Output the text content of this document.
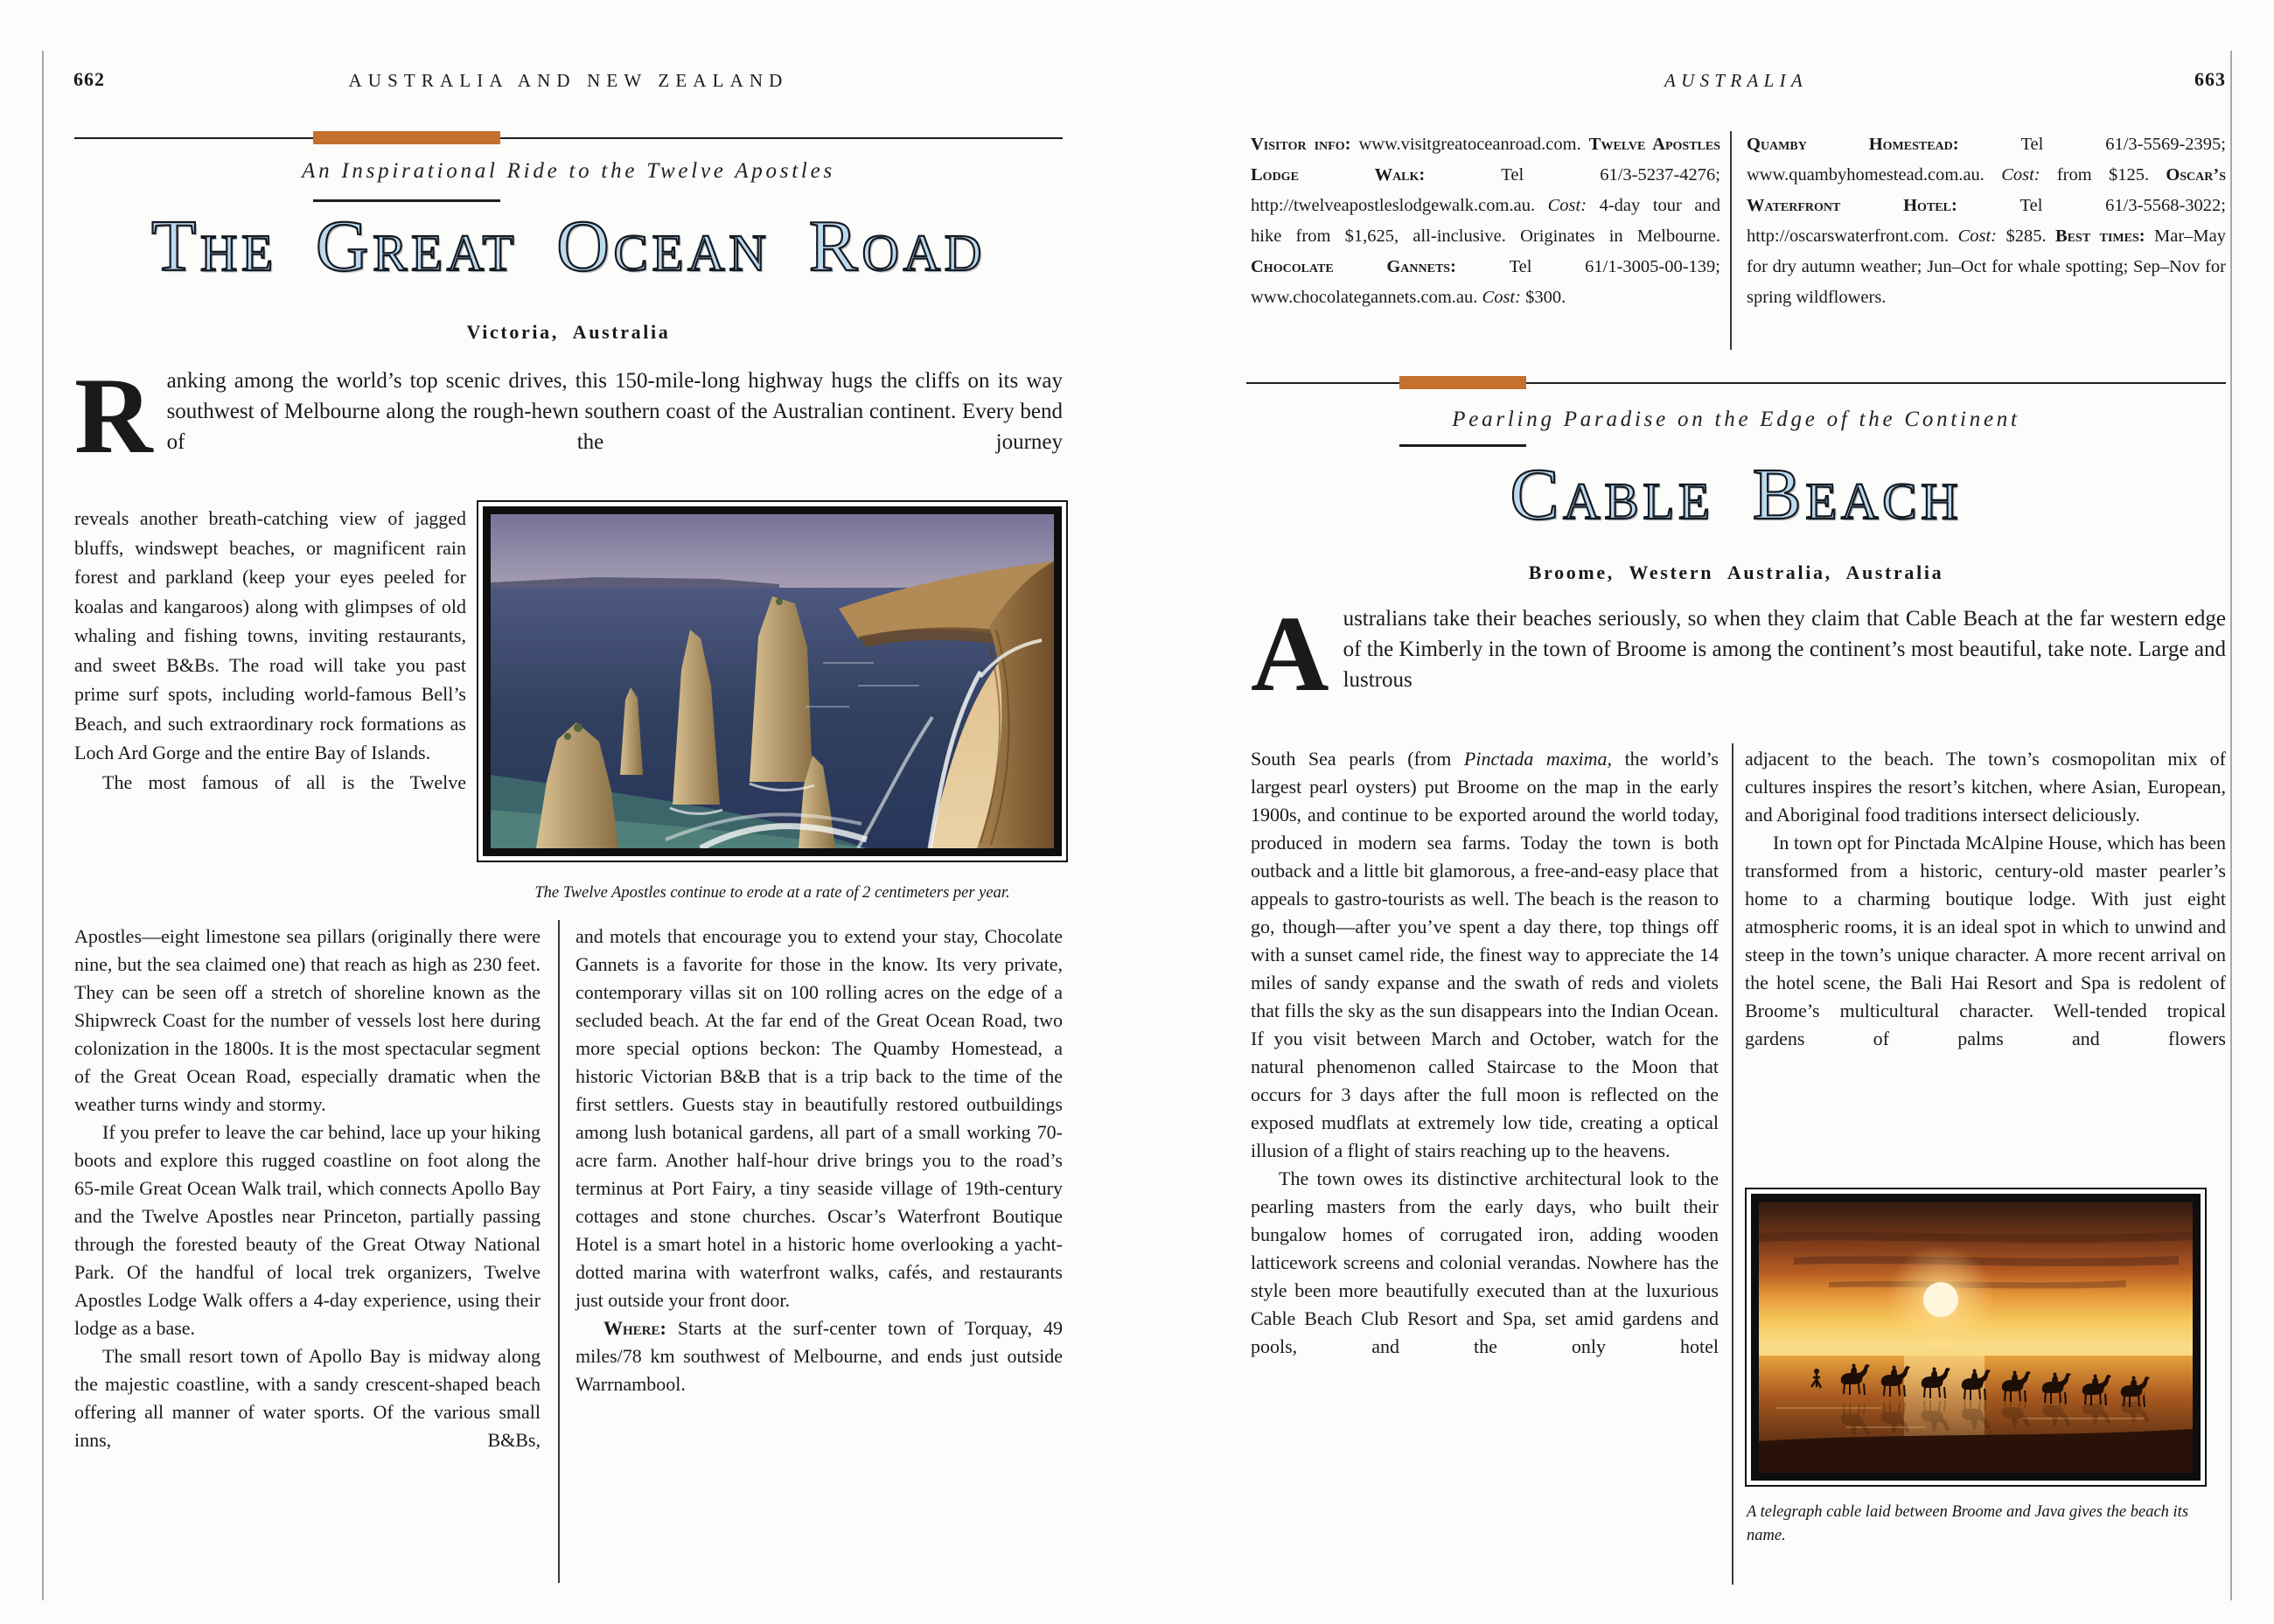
662	AUSTRALIA AND NEW ZEALAND
An Inspirational Ride to the Twelve Apostles
The Great Ocean Road
Victoria, Australia
Ranking among the world’s top scenic drives, this 150-mile-long highway hugs the cliffs on its way southwest of Melbourne along the rough-hewn southern coast of the Australian continent. Every bend of the journey

reveals another breath-catching view of jagged bluffs, windswept beaches, or magnificent rain forest and parkland (keep your eyes peeled for koalas and kangaroos) along with glimpses of old whaling and fishing towns, inviting restaurants, and sweet B&Bs. The road will take you past prime surf spots, including world-famous Bell’s Beach, and such extraordinary rock formations as Loch Ard Gorge and the entire Bay of Islands.

The most famous of all is the Twelve

The Twelve Apostles continue to erode at a rate of 2 centimeters per year.

Apostles—eight limestone sea pillars (originally there were nine, but the sea claimed one) that reach as high as 230 feet. They can be seen off a stretch of shoreline known as the Shipwreck Coast for the number of vessels lost here during colonization in the 1800s. It is the most spectacular segment of the Great Ocean Road, especially dramatic when the weather turns windy and stormy.

If you prefer to leave the car behind, lace up your hiking boots and explore this rugged coastline on foot along the 65-mile Great Ocean Walk trail, which connects Apollo Bay and the Twelve Apostles near Princeton, partially passing through the forested beauty of the Great Otway National Park. Of the handful of local trek organizers, Twelve Apostles Lodge Walk offers a 4-day experience, using their lodge as a base.

The small resort town of Apollo Bay is midway along the majestic coastline, with a sandy crescent-shaped beach offering all manner of water sports. Of the various small inns, B&Bs,

and motels that encourage you to extend your stay, Chocolate Gannets is a favorite for those in the know. Its very private, contemporary villas sit on 100 rolling acres on the edge of a secluded beach. At the far end of the Great Ocean Road, two more special options beckon: The Quamby Homestead, a historic Victorian B&B that is a trip back to the time of the first settlers. Guests stay in beautifully restored outbuildings among lush botanical gardens, all part of a small working 70-acre farm. Another half-hour drive brings you to the road’s terminus at Port Fairy, a tiny seaside village of 19th-century cottages and stone churches. Oscar’s Waterfront Boutique Hotel is a smart hotel in a historic home overlooking a yacht-dotted marina with waterfront walks, cafés, and restaurants just outside your front door.

Where: Starts at the surf-center town of Torquay, 49 miles/78 km southwest of Melbourne, and ends just outside Warrnambool.

AUSTRALIA	663

Visitor info: www.visitgreatoceanroad.com. Twelve Apostles Lodge Walk: Tel 61/3-5237-4276; http://twelveapostleslodgewalk.com.au. Cost: 4-day tour and hike from $1,625, all-inclusive. Originates in Melbourne. Chocolate Gannets: Tel 61/1-3005-00-139; www.chocolategannets.com.au. Cost: $300.

Quamby Homestead: Tel 61/3-5569-2395; www.quambyhomestead.com.au. Cost: from $125. Oscar’s Waterfront Hotel: Tel 61/3-5568-3022; http://oscarswaterfront.com. Cost: $285. Best times: Mar–May for dry autumn weather; Jun–Oct for whale spotting; Sep–Nov for spring wildflowers.

Pearling Paradise on the Edge of the Continent
Cable Beach
Broome, Western Australia, Australia
Australians take their beaches seriously, so when they claim that Cable Beach at the far western edge of the Kimberly in the town of Broome is among the continent’s most beautiful, take note. Large and lustrous

South Sea pearls (from Pinctada maxima, the world’s largest pearl oysters) put Broome on the map in the early 1900s, and continue to be exported around the world today, produced in modern sea farms. Today the town is both outback and a little bit glamorous, a free-and-easy place that appeals to gastro-tourists as well. The beach is the reason to go, though—after you’ve spent a day there, top things off with a sunset camel ride, the finest way to appreciate the 14 miles of sandy expanse and the swath of reds and violets that fills the sky as the sun disappears into the Indian Ocean. If you visit between March and October, watch for the natural phenomenon called Staircase to the Moon that occurs for 3 days after the full moon is reflected on the exposed mudflats at extremely low tide, creating a optical illusion of a flight of stairs reaching up to the heavens.

The town owes its distinctive architectural look to the pearling masters from the early days, who built their bungalow homes of corrugated iron, adding wooden latticework screens and colonial verandas. Nowhere has the style been more beautifully executed than at the luxurious Cable Beach Club Resort and Spa, set amid gardens and pools, and the only hotel

adjacent to the beach. The town’s cosmopolitan mix of cultures inspires the resort’s kitchen, where Asian, European, and Aboriginal food traditions intersect deliciously.

In town opt for Pinctada McAlpine House, which has been transformed from a historic, century-old master pearler’s home to a charming boutique lodge. With just eight atmospheric rooms, it is an ideal spot in which to unwind and steep in the town’s unique character. A more recent arrival on the hotel scene, the Bali Hai Resort and Spa is redolent of Broome’s multicultural character. Well-tended tropical gardens of palms and flowers

A telegraph cable laid between Broome and Java gives the beach its name.
